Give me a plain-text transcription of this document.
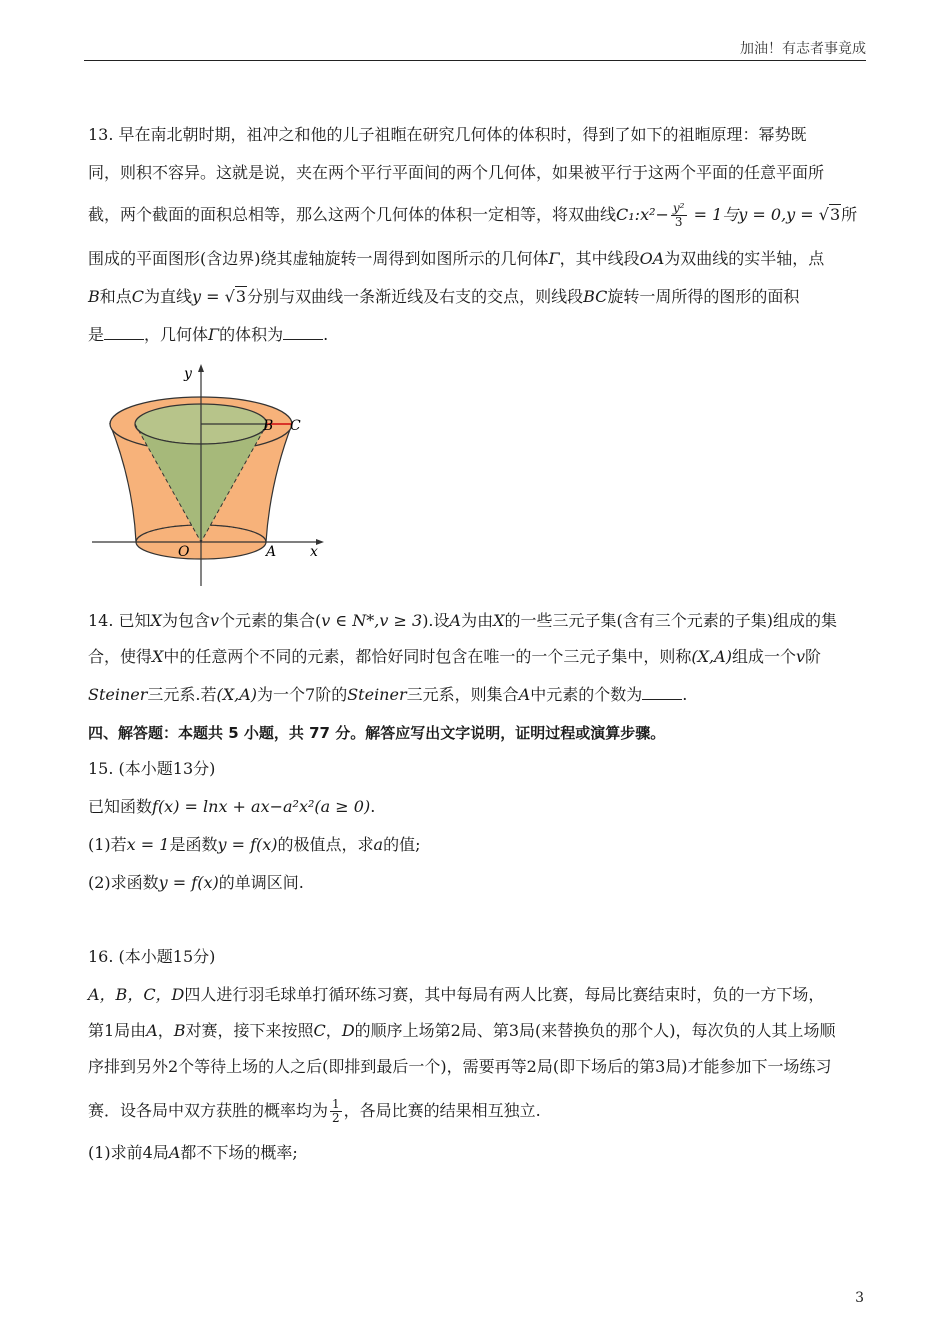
加油！有志者事竟成
13. 早在南北朝时期，祖冲之和他的儿子祖暅在研究几何体的体积时，得到了如下的祖暅原理：幂势既
同，则积不容异。这就是说，夹在两个平行平面间的两个几何体，如果被平行于这两个平面的任意平面所
截，两个截面的面积总相等，那么这两个几何体的体积一定相等，将双曲线C₁:x²− $\frac{\text{y²}}{3} = 1$与y = 0,y = √3所
围成的平面图形(含边界)绕其虚轴旋转一周得到如图所示的几何体Γ，其中线段OA为双曲线的实半轴，点
B和点C为直线y = √3分别与双曲线一条渐近线及右支的交点，则线段BC旋转一周所得的图形的面积
是	，几何体Γ的体积为	.
y
x
O	A
B C
14. 已知X为包含v个元素的集合(v ∈ N*,v ≥ 3).设A为由X的一些三元子集(含有三个元素的子集)组成的集
合，使得X中的任意两个不同的元素，都恰好同时包含在唯一的一个三元子集中，则称(X,A)组成一个v阶
Steiner三元系.若(X,A)为一个7阶的Steiner三元系，则集合A中元素的个数为	.
四、解答题：本题共 5 小题，共 77 分。解答应写出文字说明，证明过程或演算步骤。
15. (本小题13分)
已知函数f(x) = lnx + ax−a²x²(a ≥ 0).
(1)若x = 1是函数y = f(x)的极值点，求a的值;
(2)求函数y = f(x)的单调区间.
16. (本小题15分)
A，B，C，D四人进行羽毛球单打循环练习赛，其中每局有两人比赛，每局比赛结束时，负的一方下场，
第1局由A，B对赛，接下来按照C，D的顺序上场第2局、第3局(来替换负的那个人)，每次负的人其上场顺
序排到另外2个等待上场的人之后(即排到最后一个)，需要再等2局(即下场后的第3局)才能参加下一场练习
赛．设各局中双方获胜的概率均为 $\frac{1}{2}$ ，各局比赛的结果相互独立.
(1)求前4局A都不下场的概率;
3
